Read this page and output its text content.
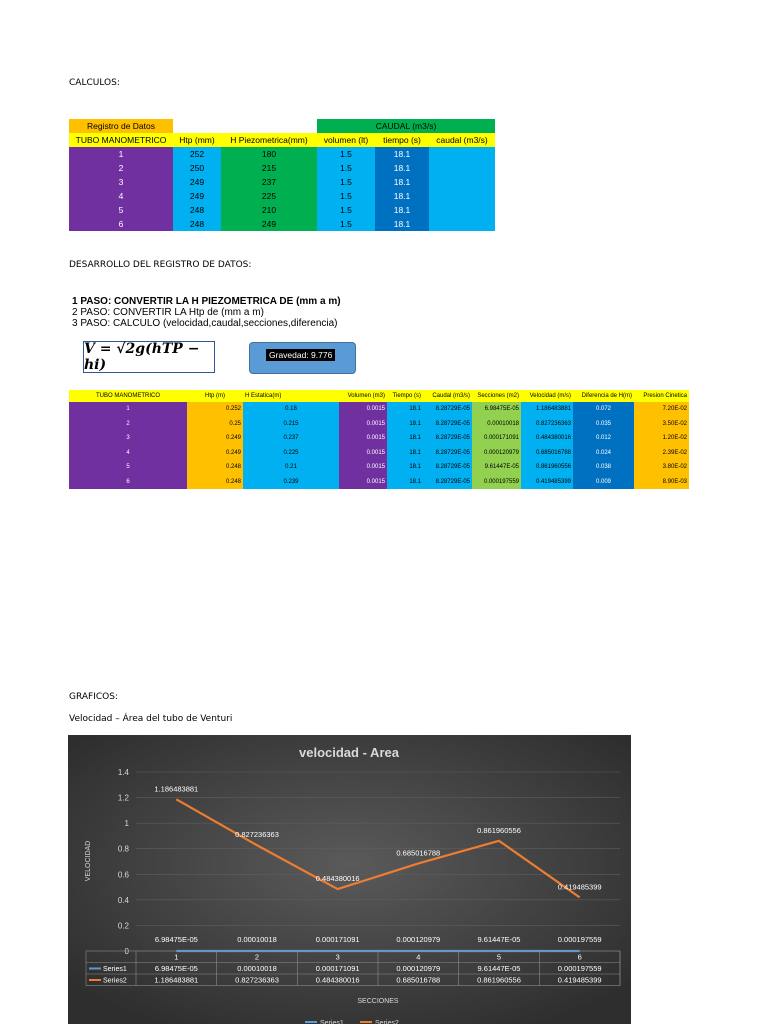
CALCULOS:
Registro de Datos			CAUDAL (m3/s)		
TUBO MANOMETRICO	Htp (mm)	H Piezometrica(mm)	volumen (lt)	tiempo (s)	caudal (m3/s)
1	252	180	1.5	18.1	
2	250	215	1.5	18.1	
3	249	237	1.5	18.1	
4	249	225	1.5	18.1	
5	248	210	1.5	18.1	
6	248	249	1.5	18.1	
DESARROLLO DEL REGISTRO DE DATOS:
1 PASO: CONVERTIR LA H PIEZOMETRICA DE (mm a m)
2 PASO: CONVERTIR LA Htp de (mm a m)
3 PASO: CALCULO (velocidad,caudal,secciones,diferencia)
V = √2g(hTP − hi)
Gravedad: 9.776
TUBO MANOMETRICO	Htp (m)	H Estatica(m)	Volumen (m3)	Tiempo (s)	Caudal (m3/s)	Secciones (m2)	Velocidad (m/s)	Diferencia de H(m)	Presion Cinetica
1	0.252	0.18	0.0015	18.1	8.28729E-05	6.98475E-05	1.186483881	0.072	7.20E-02
2	0.25	0.215	0.0015	18.1	8.28729E-05	0.00010018	0.827236363	0.035	3.50E-02
3	0.249	0.237	0.0015	18.1	8.28729E-05	0.000171091	0.484380016	0.012	1.20E-02
4	0.249	0.225	0.0015	18.1	8.28729E-05	0.000120979	0.685016788	0.024	2.39E-02
5	0.248	0.21	0.0015	18.1	8.28729E-05	9.61447E-05	0.861960556	0.038	3.80E-02
6	0.248	0.239	0.0015	18.1	8.28729E-05	0.000197559	0.419485399	0.009	8.90E-03
GRAFICOS:
Velocidad – Área del tubo de Venturi
velocidad - Area
0
0.2
0.4
0.6
0.8
1
1.2
1.4
VELOCIDAD
6.98475E-05	0.00010018	0.000171091	0.000120979	9.61447E-05	0.000197559
1.186483881
0.827236363
0.484380016
0.685016788
0.861960556
0.419485399
1	2	3	4	5	6
Series1	6.98475E-05	0.00010018	0.000171091	0.000120979	9.61447E-05	0.000197559
Series2	1.186483881	0.827236363	0.484380016	0.685016788	0.861960556	0.419485399
SECCIONES
Series1	Series2
